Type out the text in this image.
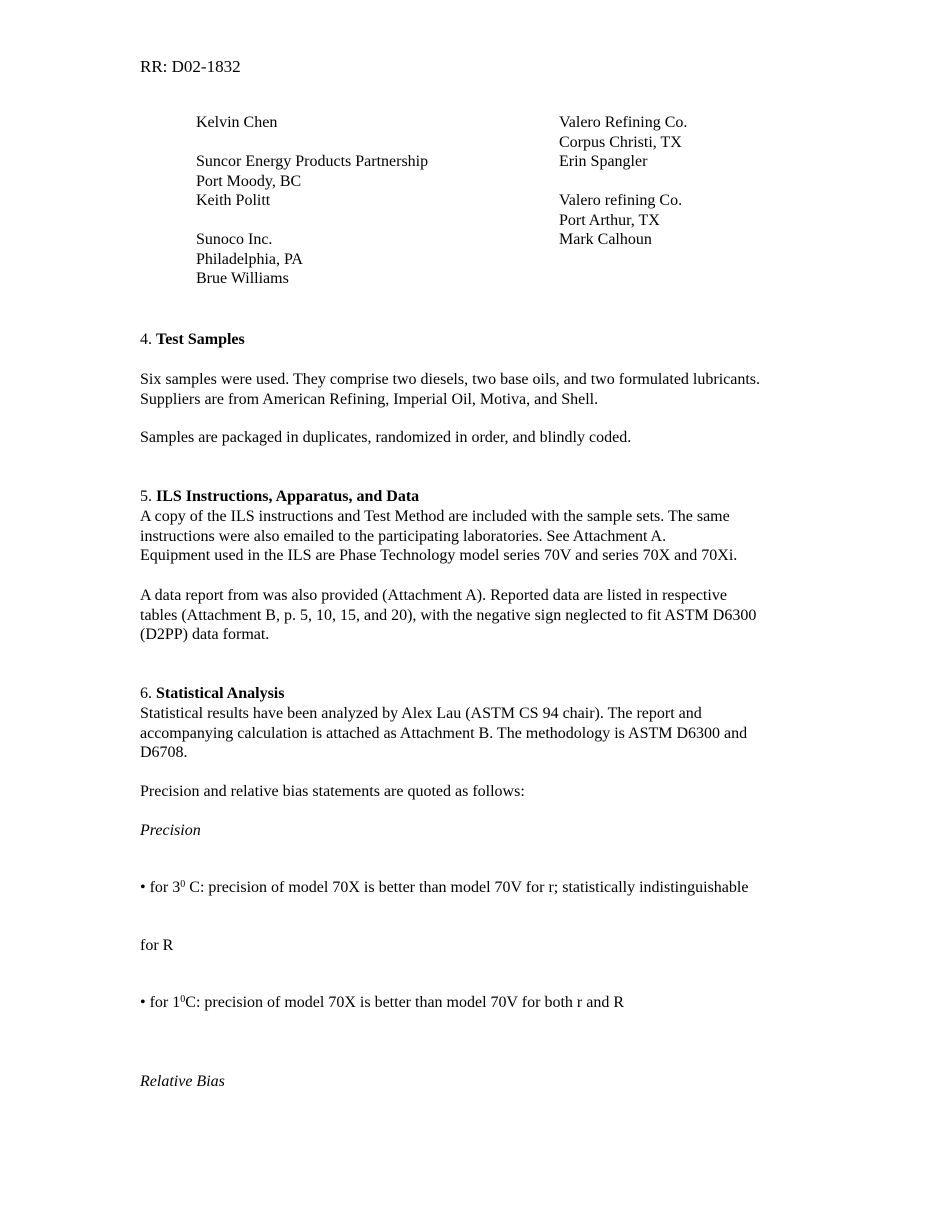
RR: D02-1832
Kelvin Chen
Suncor Energy Products Partnership
Port Moody, BC
Keith Politt
Sunoco Inc.
Philadelphia, PA
Brue Williams
Valero Refining Co.
Corpus Christi, TX
Erin Spangler
Valero refining Co.
Port Arthur, TX
Mark Calhoun
4. Test Samples
Six samples were used. They comprise two diesels, two base oils, and two formulated lubricants.
Suppliers are from American Refining, Imperial Oil, Motiva, and Shell.
Samples are packaged in duplicates, randomized in order, and blindly coded.
5. ILS Instructions, Apparatus, and Data
A copy of the ILS instructions and Test Method are included with the sample sets. The same
instructions were also emailed to the participating laboratories. See Attachment A.
Equipment used in the ILS are Phase Technology model series 70V and series 70X and 70Xi.
A data report from was also provided (Attachment A). Reported data are listed in respective
tables (Attachment B, p. 5, 10, 15, and 20), with the negative sign neglected to fit ASTM D6300
(D2PP) data format.
6. Statistical Analysis
Statistical results have been analyzed by Alex Lau (ASTM CS 94 chair). The report and
accompanying calculation is attached as Attachment B. The methodology is ASTM D6300 and
D6708.
Precision and relative bias statements are quoted as follows:
Precision
• for $3^0$ C: precision of model 70X is better than model 70V for r; statistically indistinguishable
for R
• for $1^0C$: precision of model 70X is better than model 70V for both r and R
Relative Bias
